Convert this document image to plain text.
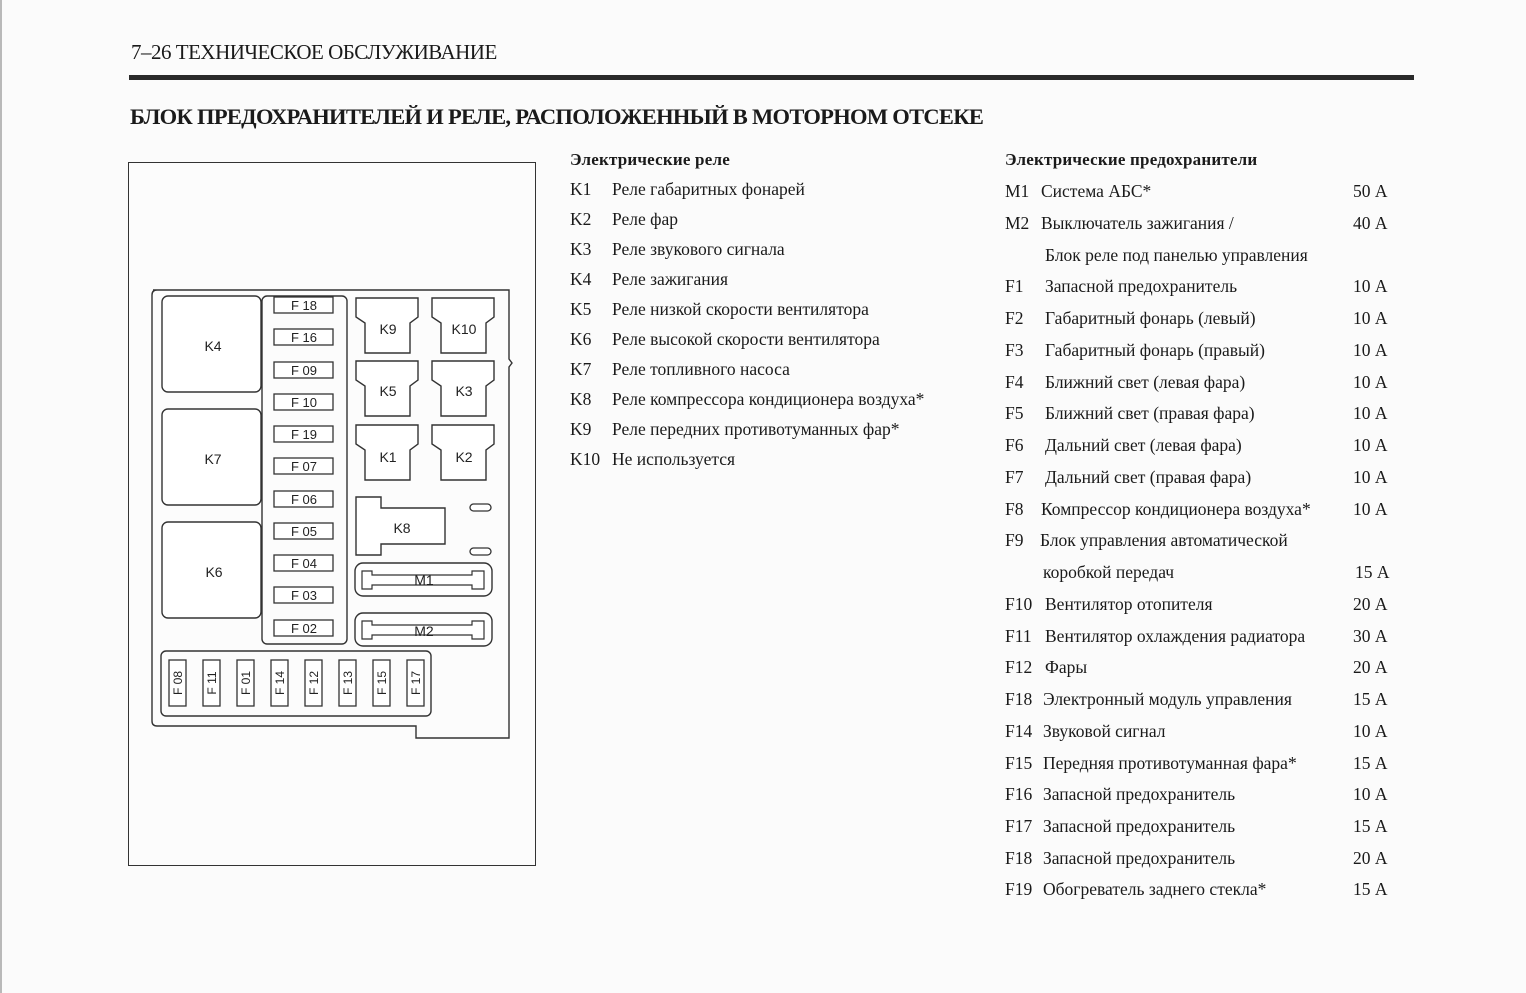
7–26 ТЕХНИЧЕСКОЕ ОБСЛУЖИВАНИЕ
БЛОК ПРЕДОХРАНИТЕЛЕЙ И РЕЛЕ, РАСПОЛОЖЕННЫЙ В МОТОРНОМ ОТСЕКЕ
K4
K7
K6
F 18
F 16
F 09
F 10
F 19
F 07
F 06
F 05
F 04
F 03
F 02
K9	K10
K5	K3
K1	K2
K8
M1
M2
F 08 F 11 F 01 F 14 F 12 F 13 F 15 F 17
Электрические реле
K1 Реле габаритных фонарей
K2 Реле фар
K3 Реле звукового сигнала
K4 Реле зажигания
K5 Реле низкой скорости вентилятора
K6 Реле высокой скорости вентилятора
K7 Реле топливного насоса
K8 Реле компрессора кондиционера воздуха*
K9 Реле передних противотуманных фар*
K10 Не используется
Электрические предохранители
M1 Система АБС*	50 А
M2 Выключатель зажигания /	40 А
Блок реле под панелью управления
F1 Запасной предохранитель	10 А
F2 Габаритный фонарь (левый)	10 А
F3 Габаритный фонарь (правый)	10 А
F4 Ближний свет (левая фара)	10 А
F5 Ближний свет (правая фара)	10 А
F6 Дальний свет (левая фара)	10 А
F7 Дальний свет (правая фара)	10 А
F8 Компрессор кондиционера воздуха* 10 А
F9 Блок управления автоматической
коробкой передач	15 А
F10 Вентилятор отопителя	20 А
F11 Вентилятор охлаждения радиатора	30 А
F12 Фары	20 А
F18 Электронный модуль управления	15 А
F14 Звуковой сигнал	10 А
F15 Передняя противотуманная фара*	15 А
F16 Запасной предохранитель	10 А
F17 Запасной предохранитель	15 А
F18 Запасной предохранитель	20 А
F19 Обогреватель заднего стекла*	15 А
